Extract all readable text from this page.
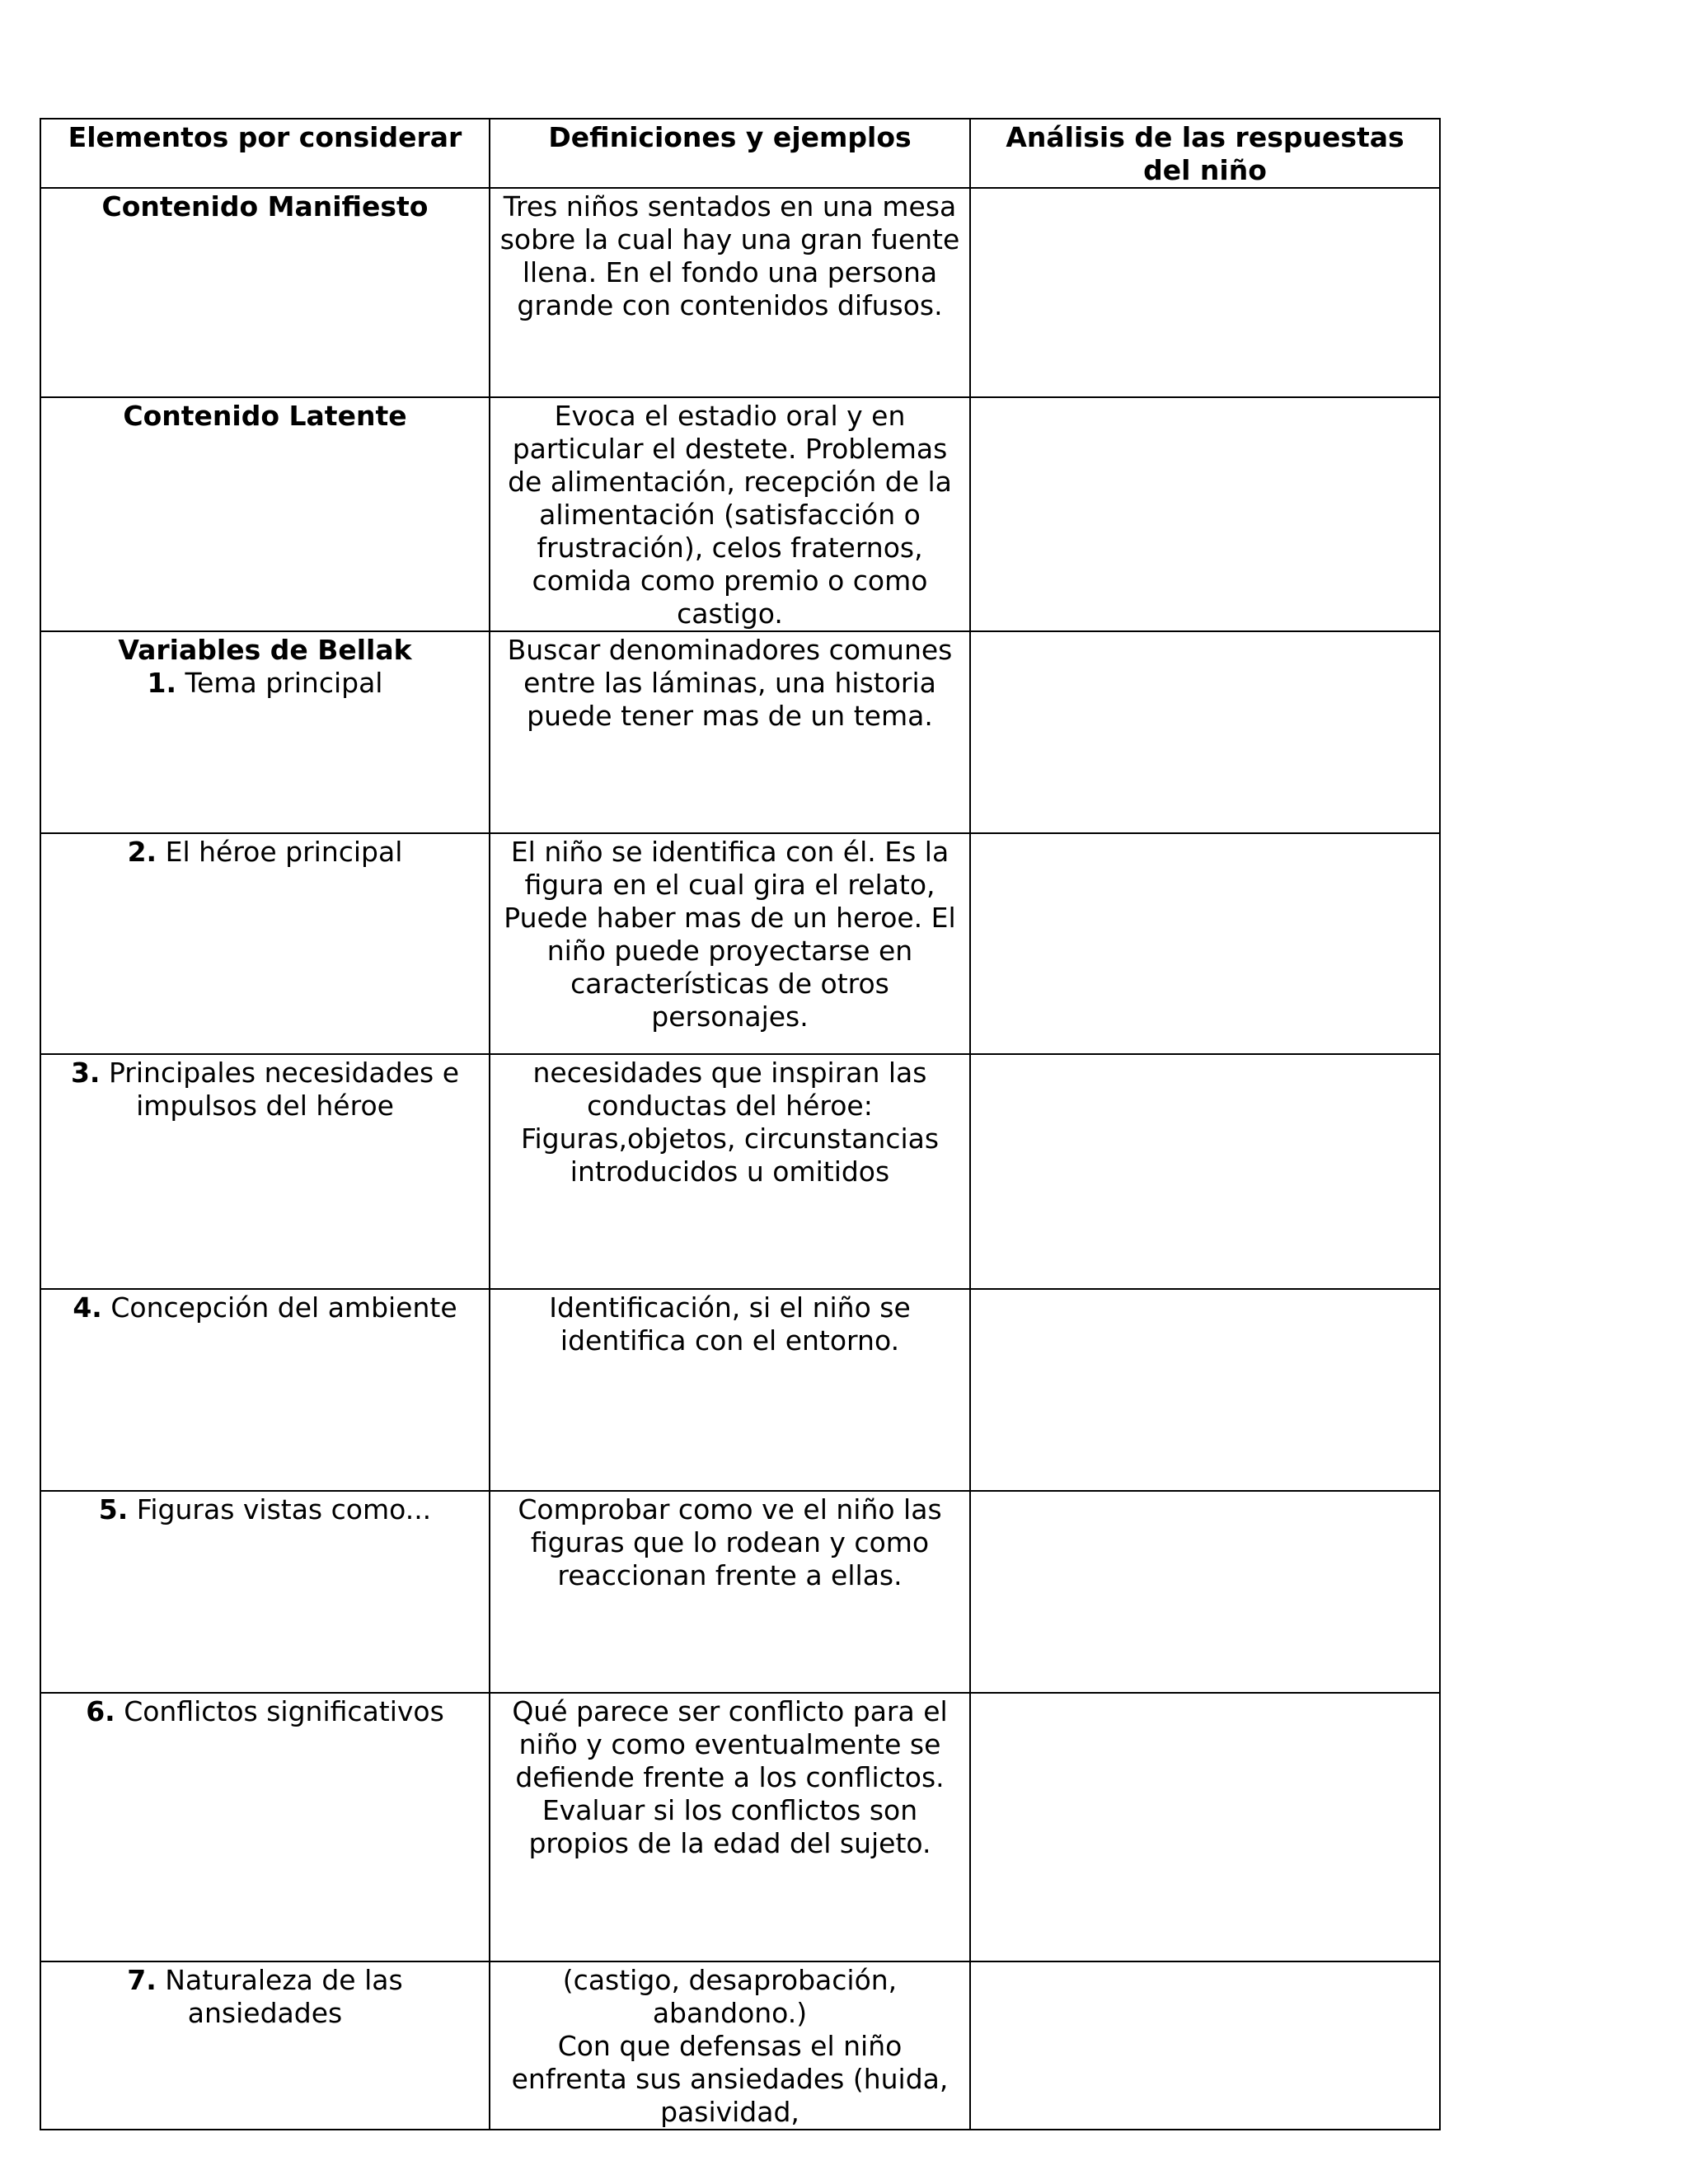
Elementos por considerar	Definiciones y ejemplos	Análisis de las respuestas del niño
Contenido Manifiesto	Tres niños sentados en una mesa sobre la cual hay una gran fuente llena. En el fondo una persona grande con contenidos difusos.	
Contenido Latente	Evoca el estadio oral y en particular el destete. Problemas de alimentación, recepción de la alimentación (satisfacción o frustración), celos fraternos, comida como premio o como castigo.	

Variables de Bellak
1. Tema principal	Buscar denominadores comunes entre las láminas, una historia puede tener mas de un tema.	
2. El héroe principal	El niño se identifica con él. Es la figura en el cual gira el relato, Puede haber mas de un heroe. El niño puede proyectarse en características de otros personajes.	
3. Principales necesidades e impulsos del héroe	necesidades que inspiran las conductas del héroe: Figuras,objetos, circunstancias introducidos u omitidos	
4. Concepción del ambiente	Identificación, si el niño se identifica con el entorno.	
5. Figuras vistas como...	Comprobar como ve el niño las figuras que lo rodean y como reaccionan frente a ellas.	
6. Conflictos significativos	Qué parece ser conflicto para el niño y como eventualmente se defiende frente a los conflictos. Evaluar si los conflictos son propios de la edad del sujeto.	
7. Naturaleza de las ansiedades	(castigo, desaprobación, abandono.)
Con que defensas el niño enfrenta sus ansiedades (huida, pasividad,	
